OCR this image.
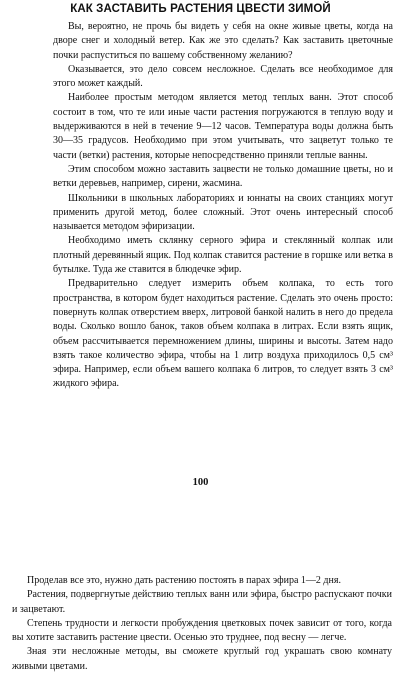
КАК ЗАСТАВИТЬ РАСТЕНИЯ ЦВЕСТИ ЗИМОЙ

Вы, вероятно, не прочь бы видеть у себя на окне живые цветы, когда на дворе снег и холодный ветер. Как же это сделать? Как заставить цветочные почки распуститься по вашему собственному желанию?

Оказывается, это дело совсем несложное. Сделать все необходимое для этого может каждый.

Наиболее простым методом является метод теплых ванн. Этот способ состоит в том, что те или иные части растения погружаются в теплую воду и выдерживаются в ней в течение 9—12 часов. Температура воды должна быть 30—35 градусов. Необходимо при этом учитывать, что зацветут только те части (ветки) растения, которые непосредственно приняли теплые ванны.

Этим способом можно заставить зацвести не только домашние цветы, но и ветки деревьев, например, сирени, жасмина.

Школьники в школьных лабораториях и юннаты на своих станциях могут применить другой метод, более сложный. Этот очень интересный способ называется методом эфиризации.

Необходимо иметь склянку серного эфира и стеклянный колпак или плотный деревянный ящик. Под колпак ставится растение в горшке или ветка в бутылке. Туда же ставится в блюдечке эфир.

Предварительно следует измерить объем колпака, то есть того пространства, в котором будет находиться растение. Сделать это очень просто: повернуть колпак отверстием вверх, литровой банкой налить в него до предела воды. Сколько вошло банок, таков объем колпака в литрах. Если взять ящик, объем рассчитывается перемножением длины, ширины и высоты. Затем надо взять такое количество эфира, чтобы на 1 литр воздуха приходилось 0,5 см³ эфира. Например, если объем вашего колпака 6 литров, то следует взять 3 см³ жидкого эфира.

100

Проделав все это, нужно дать растению постоять в парах эфира 1—2 дня.

Растения, подвергнутые действию теплых ванн или эфира, быстро распускают почки и зацветают.

Степень трудности и легкости пробуждения цветковых почек зависит от того, когда вы хотите заставить растение цвести. Осенью это труднее, под весну — легче.

Зная эти несложные методы, вы сможете круглый год украшать свою комнату живыми цветами.
